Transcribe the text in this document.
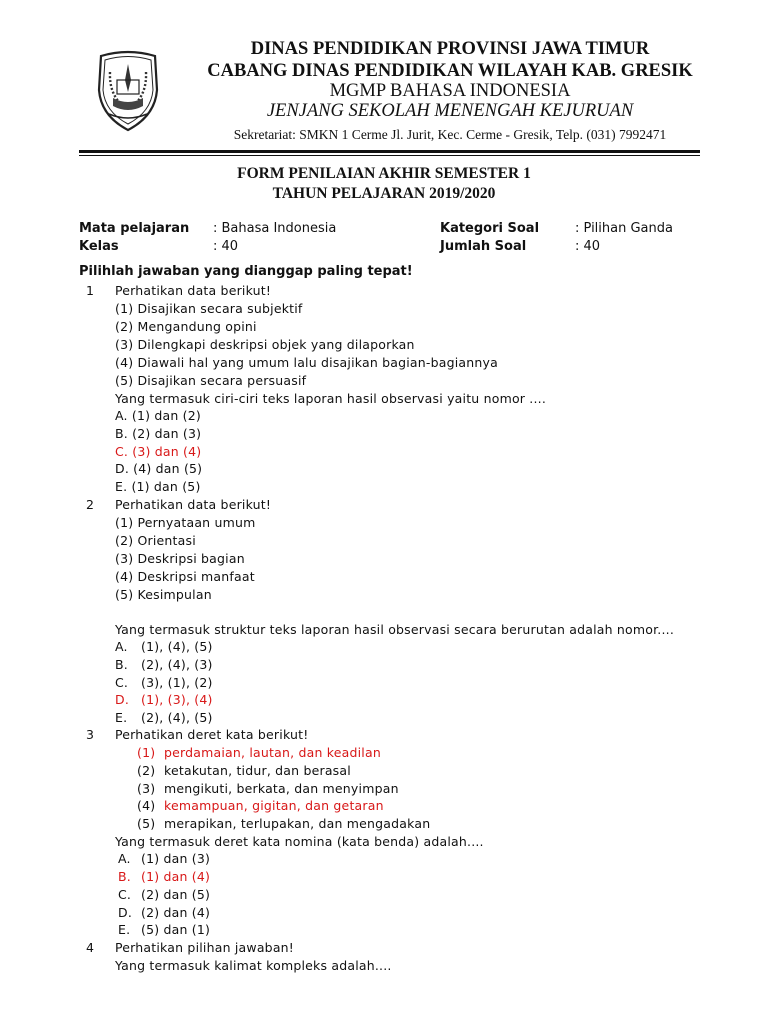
DINAS PENDIDIKAN PROVINSI JAWA TIMUR
CABANG DINAS PENDIDIKAN WILAYAH KAB. GRESIK
MGMP BAHASA INDONESIA
JENJANG SEKOLAH MENENGAH KEJURUAN
Sekretariat: SMKN 1 Cerme Jl. Jurit, Kec. Cerme - Gresik, Telp. (031) 7992471
FORM PENILAIAN AKHIR SEMESTER 1
TAHUN PELAJARAN 2019/2020
Mata pelajaran : Bahasa Indonesia	Kategori Soal	: Pilihan Ganda
Kelas	: 40	Jumlah Soal	: 40
Pilihlah jawaban yang dianggap paling tepat!
1 Perhatikan data berikut!
(1) Disajikan secara subjektif
(2) Mengandung opini
(3) Dilengkapi deskripsi objek yang dilaporkan
(4) Diawali hal yang umum lalu disajikan bagian-bagiannya
(5) Disajikan secara persuasif
Yang termasuk ciri-ciri teks laporan hasil observasi yaitu nomor ....
A. (1) dan (2)
B. (2) dan (3)
C. (3) dan (4)
D. (4) dan (5)
E. (1) dan (5)
2 Perhatikan data berikut!
(1) Pernyataan umum
(2) Orientasi
(3) Deskripsi bagian
(4) Deskripsi manfaat
(5) Kesimpulan
Yang termasuk struktur teks laporan hasil observasi secara berurutan adalah nomor....
A. (1), (4), (5)
B. (2), (4), (3)
C. (3), (1), (2)
D. (1), (3), (4)
E. (2), (4), (5)
3 Perhatikan deret kata berikut!
(1) perdamaian, lautan, dan keadilan
(2) ketakutan, tidur, dan berasal
(3) mengikuti, berkata, dan menyimpan
(4) kemampuan, gigitan, dan getaran
(5) merapikan, terlupakan, dan mengadakan
Yang termasuk deret kata nomina (kata benda) adalah....
A. (1) dan (3)
B. (1) dan (4)
C. (2) dan (5)
D. (2) dan (4)
E. (5) dan (1)
4 Perhatikan pilihan jawaban!
Yang termasuk kalimat kompleks adalah....
